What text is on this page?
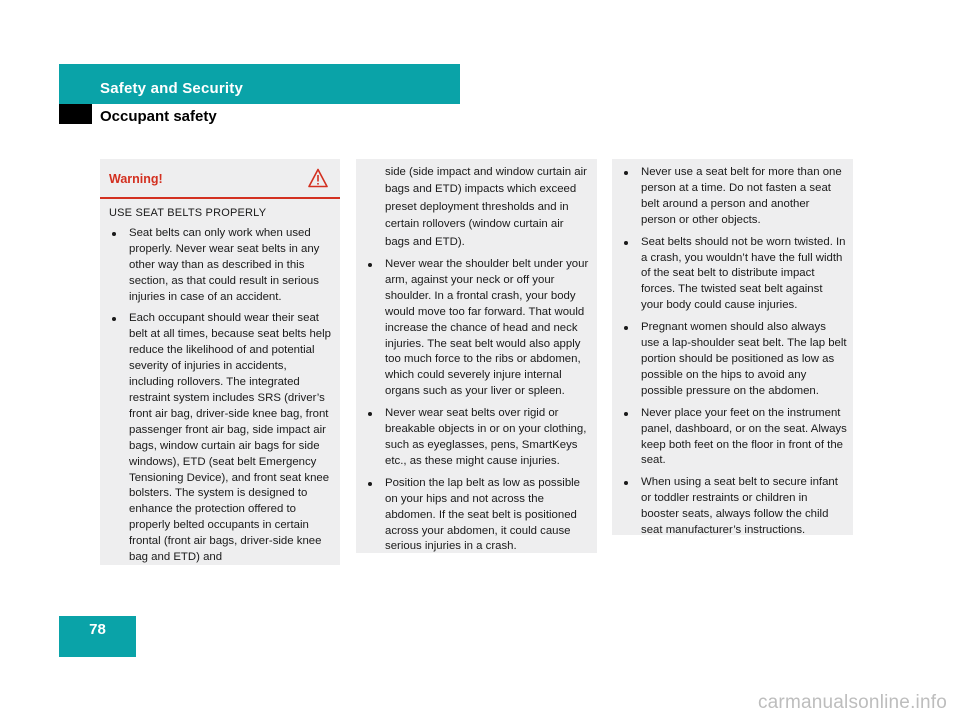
Safety and Security
Occupant safety
Warning!
USE SEAT BELTS PROPERLY
Seat belts can only work when used properly. Never wear seat belts in any other way than as described in this section, as that could result in serious injuries in case of an accident.
Each occupant should wear their seat belt at all times, because seat belts help reduce the likelihood of and potential severity of injuries in accidents, including rollovers. The integrated restraint system includes SRS (driver’s front air bag, driver-side knee bag, front passenger front air bag, side impact air bags, window curtain air bags for side windows), ETD (seat belt Emergency Tensioning Device), and front seat knee bolsters. The system is designed to enhance the protection offered to properly belted occupants in certain frontal (front air bags, driver-side knee bag and ETD) and
side (side impact and window curtain air bags and ETD) impacts which exceed preset deployment thresholds and in certain rollovers (window curtain air bags and ETD).
Never wear the shoulder belt under your arm, against your neck or off your shoulder. In a frontal crash, your body would move too far forward. That would increase the chance of head and neck injuries. The seat belt would also apply too much force to the ribs or abdomen, which could severely injure internal organs such as your liver or spleen.
Never wear seat belts over rigid or breakable objects in or on your clothing, such as eyeglasses, pens, SmartKeys etc., as these might cause injuries.
Position the lap belt as low as possible on your hips and not across the abdomen. If the seat belt is positioned across your abdomen, it could cause serious injuries in a crash.
Never use a seat belt for more than one person at a time. Do not fasten a seat belt around a person and another person or other objects.
Seat belts should not be worn twisted. In a crash, you wouldn’t have the full width of the seat belt to distribute impact forces. The twisted seat belt against your body could cause injuries.
Pregnant women should also always use a lap-shoulder seat belt. The lap belt portion should be positioned as low as possible on the hips to avoid any possible pressure on the abdomen.
Never place your feet on the instrument panel, dashboard, or on the seat. Always keep both feet on the floor in front of the seat.
When using a seat belt to secure infant or toddler restraints or children in booster seats, always follow the child seat manufacturer’s instructions.
78
carmanualsonline.info
